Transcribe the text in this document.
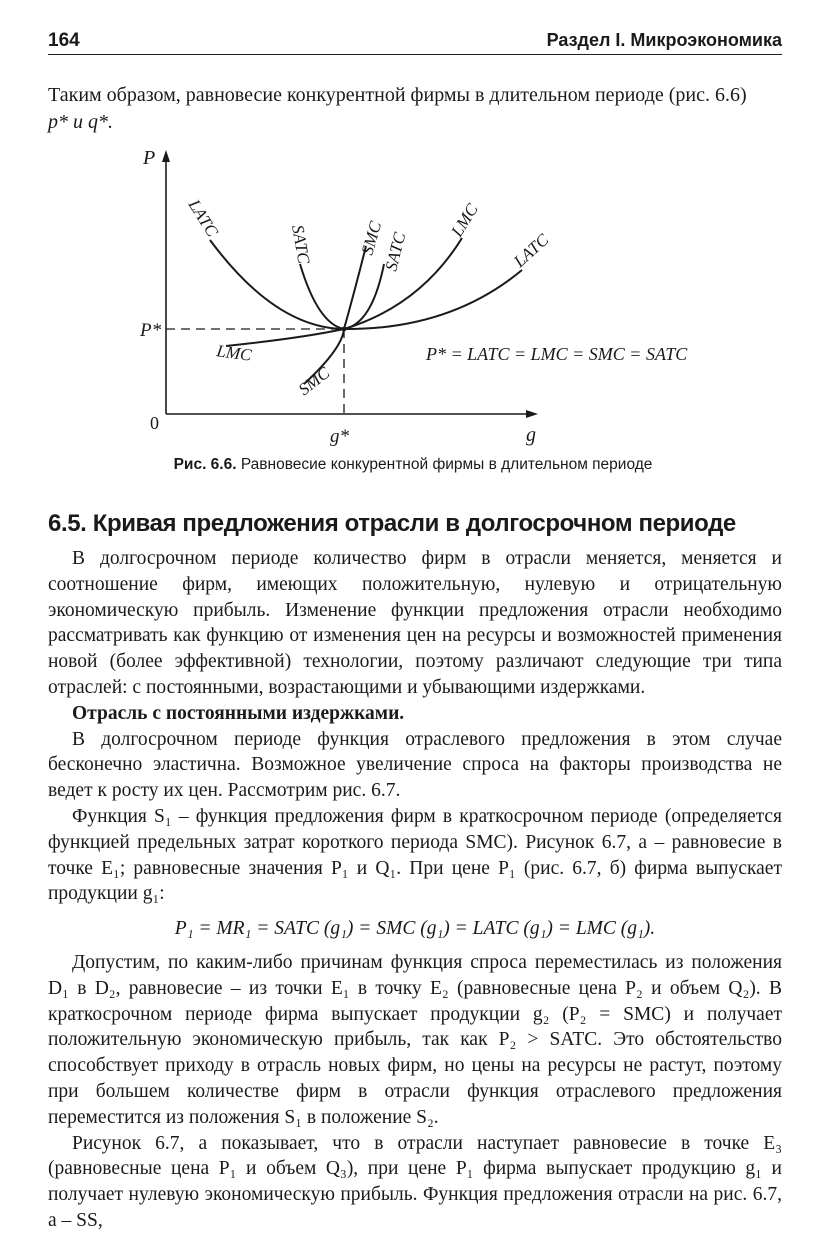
164	Раздел I. Микроэкономика
Таким образом, равновесие конкурентной фирмы в длительном периоде (рис. 6.6)
p* и q*.
P
g
0
P*
g*
LATC
SATC	SMC
SATC
LMC
LATC
LMC
SMC
P* = LATC = LMC = SMC = SATC
Рис. 6.6. Равновесие конкурентной фирмы в длительном периоде
6.5. Кривая предложения отрасли в долгосрочном периоде

В долгосрочном периоде количество фирм в отрасли меняется, меняется и соотношение фирм, имеющих положительную, нулевую и отрицательную экономическую прибыль. Изменение функции предложения отрасли необходимо рассматривать как функцию от изменения цен на ресурсы и возможностей применения новой (более эффективной) технологии, поэтому различают следующие три типа отраслей: с постоянными, возрастающими и убывающими издержками.

Отрасль с постоянными издержками.

В долгосрочном периоде функция отраслевого предложения в этом случае бесконечно эластична. Возможное увеличение спроса на факторы производства не ведет к росту их цен. Рассмотрим рис. 6.7.

Функция S₁ – функция предложения фирм в краткосрочном периоде (определяется функцией предельных затрат короткого периода SMC). Рисунок 6.7, а – равновесие в точке E₁; равновесные значения P₁ и Q₁. При цене P₁ (рис. 6.7, б) фирма выпускает продукции g₁:

P₁ = MR₁ = SATC (g₁) = SMC (g₁) = LATC (g₁) = LMC (g₁).

Допустим, по каким-либо причинам функция спроса переместилась из положения D₁ в D₂, равновесие – из точки E₁ в точку E₂ (равновесные цена P₂ и объем Q₂). В краткосрочном периоде фирма выпускает продукции g₂ (P₂ = SMC) и получает положительную экономическую прибыль, так как P₂ > SATC. Это обстоятельство способствует приходу в отрасль новых фирм, но цены на ресурсы не растут, поэтому при большем количестве фирм в отрасли функция отраслевого предложения переместится из положения S₁ в положение S₂.

Рисунок 6.7, а показывает, что в отрасли наступает равновесие в точке E₃ (равновесные цена P₁ и объем Q₃), при цене P₁ фирма выпускает продукцию g₁ и получает нулевую экономическую прибыль. Функция предложения отрасли на рис. 6.7, а – SS,
